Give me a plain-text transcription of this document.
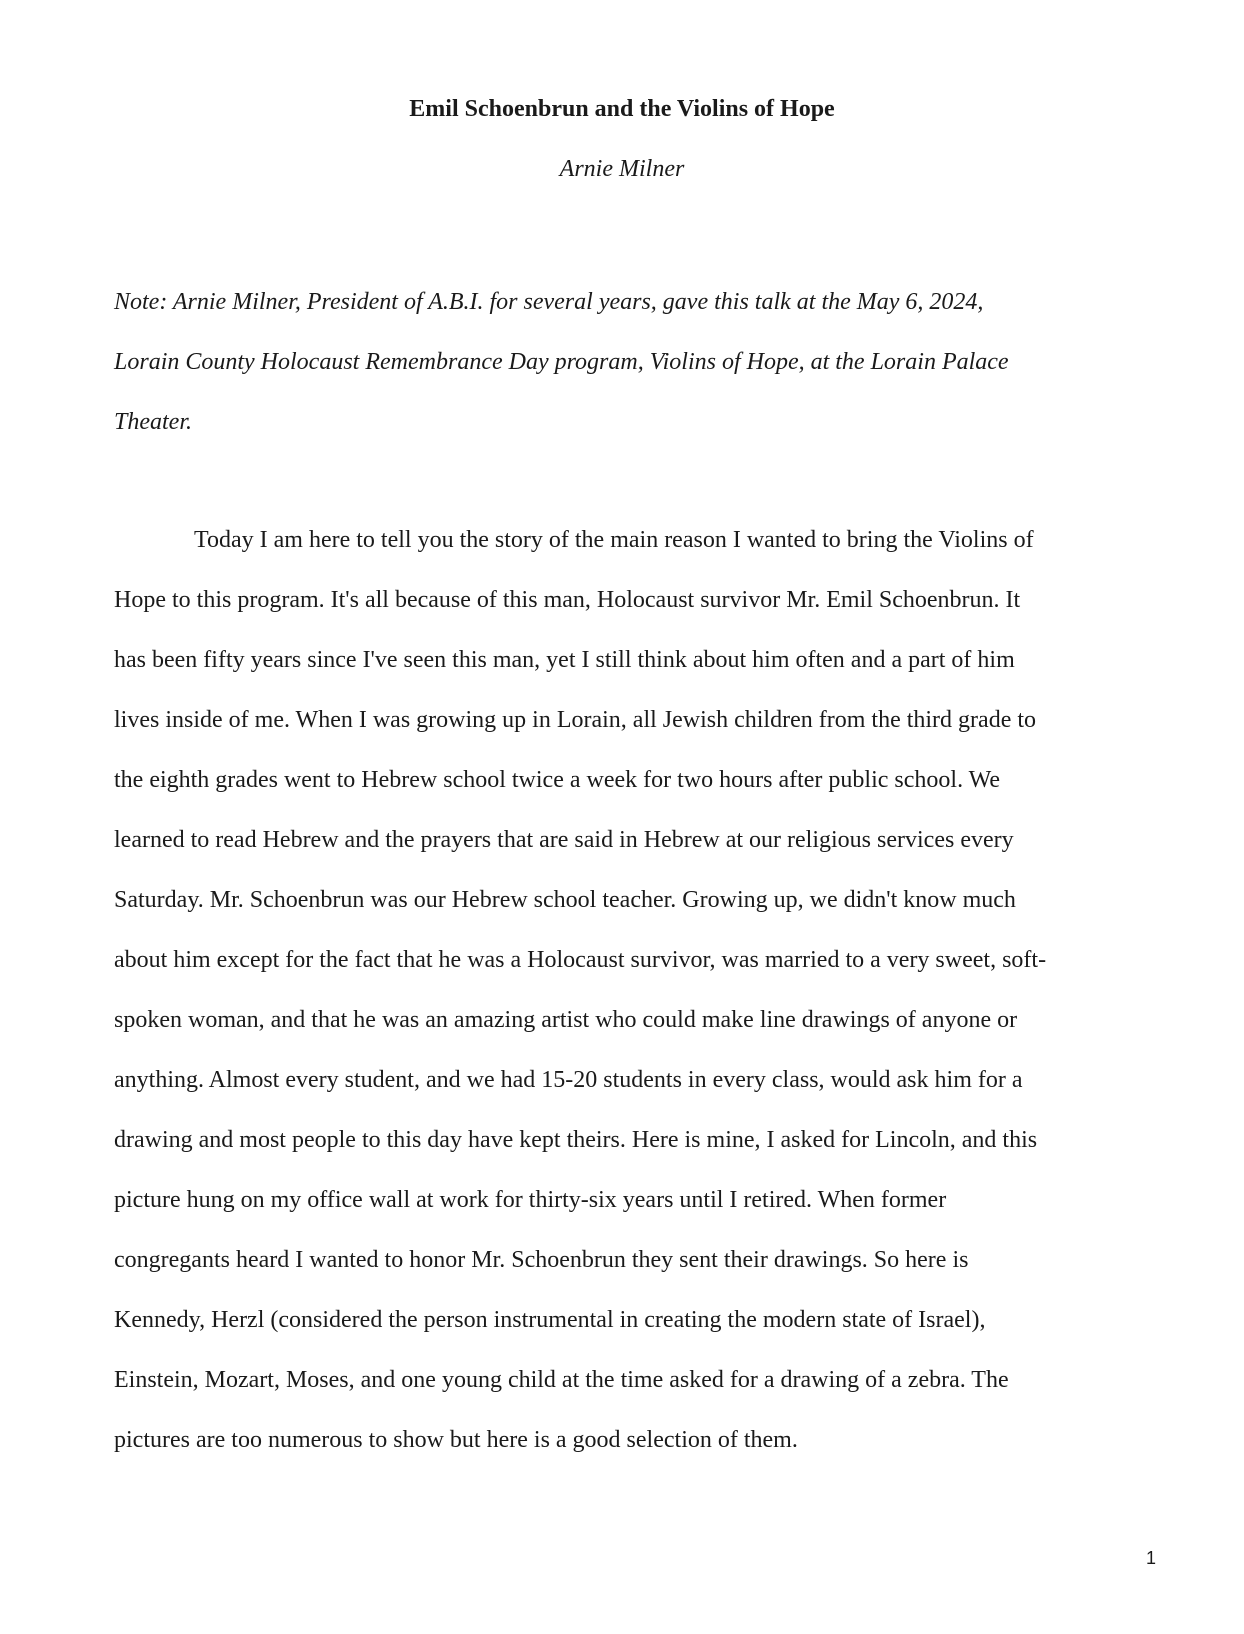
Emil Schoenbrun and the Violins of Hope
Arnie Milner

Note: Arnie Milner, President of A.B.I. for several years, gave this talk at the May 6, 2024,
Lorain County Holocaust Remembrance Day program, Violins of Hope, at the Lorain Palace
Theater.

Today I am here to tell you the story of the main reason I wanted to bring the Violins of
Hope to this program. It's all because of this man, Holocaust survivor Mr. Emil Schoenbrun. It
has been fifty years since I've seen this man, yet I still think about him often and a part of him
lives inside of me. When I was growing up in Lorain, all Jewish children from the third grade to
the eighth grades went to Hebrew school twice a week for two hours after public school. We
learned to read Hebrew and the prayers that are said in Hebrew at our religious services every
Saturday. Mr. Schoenbrun was our Hebrew school teacher. Growing up, we didn't know much
about him except for the fact that he was a Holocaust survivor, was married to a very sweet, soft-
spoken woman, and that he was an amazing artist who could make line drawings of anyone or
anything. Almost every student, and we had 15-20 students in every class, would ask him for a
drawing and most people to this day have kept theirs. Here is mine, I asked for Lincoln, and this
picture hung on my office wall at work for thirty-six years until I retired. When former
congregants heard I wanted to honor Mr. Schoenbrun they sent their drawings. So here is
Kennedy, Herzl (considered the person instrumental in creating the modern state of Israel),
Einstein, Mozart, Moses, and one young child at the time asked for a drawing of a zebra. The
pictures are too numerous to show but here is a good selection of them.

1
